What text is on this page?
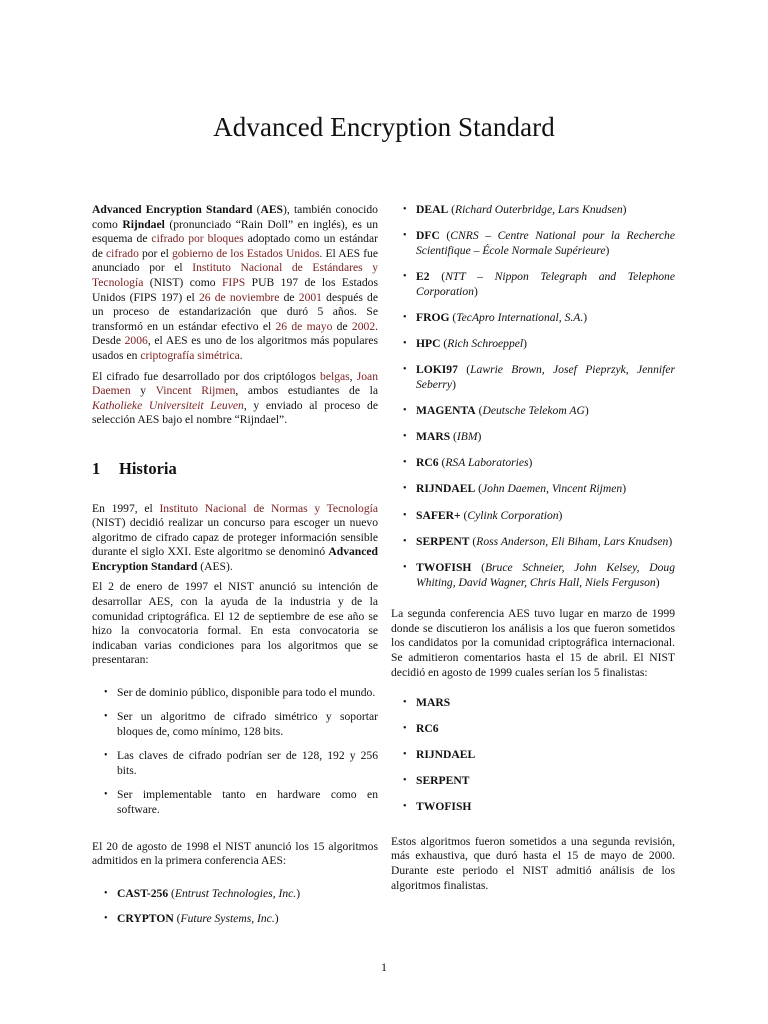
Advanced Encryption Standard

Advanced Encryption Standard (AES), también conocido como Rijndael (pronunciado “Rain Doll” en inglés), es un esquema de cifrado por bloques adoptado como un estándar de cifrado por el gobierno de los Estados Unidos. El AES fue anunciado por el Instituto Nacional de Estándares y Tecnología (NIST) como FIPS PUB 197 de los Estados Unidos (FIPS 197) el 26 de noviembre de 2001 después de un proceso de estandarización que duró 5 años. Se transformó en un estándar efectivo el 26 de mayo de 2002. Desde 2006, el AES es uno de los algoritmos más populares usados en criptografía simétrica.

El cifrado fue desarrollado por dos criptólogos belgas, Joan Daemen y Vincent Rijmen, ambos estudiantes de la Katholieke Universiteit Leuven, y enviado al proceso de selección AES bajo el nombre “Rijndael”.

1 Historia

En 1997, el Instituto Nacional de Normas y Tecnología (NIST) decidió realizar un concurso para escoger un nuevo algoritmo de cifrado capaz de proteger información sensible durante el siglo XXI. Este algoritmo se denominó Advanced Encryption Standard (AES).

El 2 de enero de 1997 el NIST anunció su intención de desarrollar AES, con la ayuda de la industria y de la comunidad criptográfica. El 12 de septiembre de ese año se hizo la convocatoria formal. En esta convocatoria se indicaban varias condiciones para los algoritmos que se presentaran:

• Ser de dominio público, disponible para todo el mundo.
• Ser un algoritmo de cifrado simétrico y soportar bloques de, como mínimo, 128 bits.
• Las claves de cifrado podrían ser de 128, 192 y 256 bits.
• Ser implementable tanto en hardware como en software.

El 20 de agosto de 1998 el NIST anunció los 15 algoritmos admitidos en la primera conferencia AES:

• CAST-256 (Entrust Technologies, Inc.)
• CRYPTON (Future Systems, Inc.)
• DEAL (Richard Outerbridge, Lars Knudsen)
• DFC (CNRS – Centre National pour la Recherche Scientifique – École Normale Supérieure)
• E2 (NTT – Nippon Telegraph and Telephone Corporation)
• FROG (TecApro International, S.A.)
• HPC (Rich Schroeppel)
• LOKI97 (Lawrie Brown, Josef Pieprzyk, Jennifer Seberry)
• MAGENTA (Deutsche Telekom AG)
• MARS (IBM)
• RC6 (RSA Laboratories)
• RIJNDAEL (John Daemen, Vincent Rijmen)
• SAFER+ (Cylink Corporation)
• SERPENT (Ross Anderson, Eli Biham, Lars Knudsen)
• TWOFISH (Bruce Schneier, John Kelsey, Doug Whiting, David Wagner, Chris Hall, Niels Ferguson)

La segunda conferencia AES tuvo lugar en marzo de 1999 donde se discutieron los análisis a los que fueron sometidos los candidatos por la comunidad criptográfica internacional. Se admitieron comentarios hasta el 15 de abril. El NIST decidió en agosto de 1999 cuales serían los 5 finalistas:

• MARS
• RC6
• RIJNDAEL
• SERPENT
• TWOFISH

Estos algoritmos fueron sometidos a una segunda revisión, más exhaustiva, que duró hasta el 15 de mayo de 2000. Durante este periodo el NIST admitió análisis de los algoritmos finalistas.

1
